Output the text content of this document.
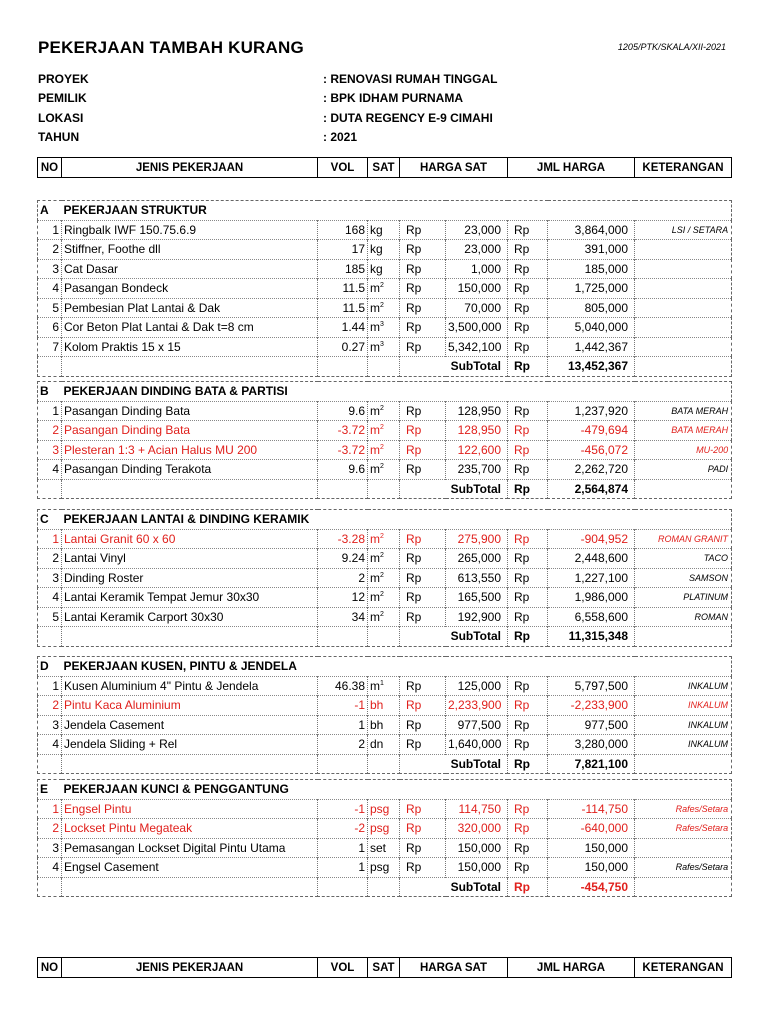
PEKERJAAN TAMBAH KURANG	1205/PTK/SKALA/XII-2021
PROYEK	: RENOVASI RUMAH TINGGAL
PEMILIK	: BPK IDHAM PURNAMA
LOKASI	: DUTA REGENCY E-9 CIMAHI
TAHUN	: 2021
NO	JENIS PEKERJAAN	VOL	SAT	HARGA SAT	JML HARGA	KETERANGAN
A	PEKERJAAN STRUKTUR							
1	Ringbalk IWF 150.75.6.9	168	kg	Rp	23,000	Rp	3,864,000	LSI / SETARA
2	Stiffner, Foothe dll	17	kg	Rp	23,000	Rp	391,000	
3	Cat Dasar	185	kg	Rp	1,000	Rp	185,000	
4	Pasangan Bondeck	11.5	$m^2$	Rp	150,000	Rp	1,725,000	
5	Pembesian Plat Lantai & Dak	11.5	$m^2$	Rp	70,000	Rp	805,000	
6	Cor Beton Plat Lantai & Dak t=8 cm	1.44	$m^3$	Rp	3,500,000	Rp	5,040,000	
7	Kolom Praktis 15 x 15	0.27	$m^3$	Rp	5,342,100	Rp	1,442,367	
				SubTotal		Rp	13,452,367	
B	PEKERJAAN DINDING BATA & PARTISI							
1	Pasangan Dinding Bata	9.6	$m^2$	Rp	128,950	Rp	1,237,920	BATA MERAH
2	Pasangan Dinding Bata	-3.72	$m^2$	Rp	128,950	Rp	-479,694	BATA MERAH
3	Plesteran 1:3 + Acian Halus MU 200	-3.72	$m^2$	Rp	122,600	Rp	-456,072	MU-200
4	Pasangan Dinding Terakota	9.6	$m^2$	Rp	235,700	Rp	2,262,720	PADI
				SubTotal		Rp	2,564,874	
C	PEKERJAAN LANTAI & DINDING KERAMIK							
1	Lantai Granit 60 x 60	-3.28	$m^2$	Rp	275,900	Rp	-904,952	ROMAN GRANIT
2	Lantai Vinyl	9.24	$m^2$	Rp	265,000	Rp	2,448,600	TACO
3	Dinding Roster	2	$m^2$	Rp	613,550	Rp	1,227,100	SAMSON
4	Lantai Keramik Tempat Jemur 30x30	12	$m^2$	Rp	165,500	Rp	1,986,000	PLATINUM
5	Lantai Keramik Carport 30x30	34	$m^2$	Rp	192,900	Rp	6,558,600	ROMAN
				SubTotal		Rp	11,315,348	
D	PEKERJAAN KUSEN, PINTU & JENDELA							
1	Kusen Aluminium 4" Pintu & Jendela	46.38	$m^1$	Rp	125,000	Rp	5,797,500	INKALUM
2	Pintu Kaca Aluminium	-1	bh	Rp	2,233,900	Rp	-2,233,900	INKALUM
3	Jendela Casement	1	bh	Rp	977,500	Rp	977,500	INKALUM
4	Jendela Sliding + Rel	2	dn	Rp	1,640,000	Rp	3,280,000	INKALUM
				SubTotal		Rp	7,821,100	
E	PEKERJAAN KUNCI & PENGGANTUNG							
1	Engsel Pintu	-1	psg	Rp	114,750	Rp	-114,750	Rafes/Setara
2	Lockset Pintu Megateak	-2	psg	Rp	320,000	Rp	-640,000	Rafes/Setara
3	Pemasangan Lockset Digital Pintu Utama	1	set	Rp	150,000	Rp	150,000	
4	Engsel Casement	1	psg	Rp	150,000	Rp	150,000	Rafes/Setara
				SubTotal		Rp	-454,750	
NO	JENIS PEKERJAAN	VOL	SAT	HARGA SAT	JML HARGA	KETERANGAN
